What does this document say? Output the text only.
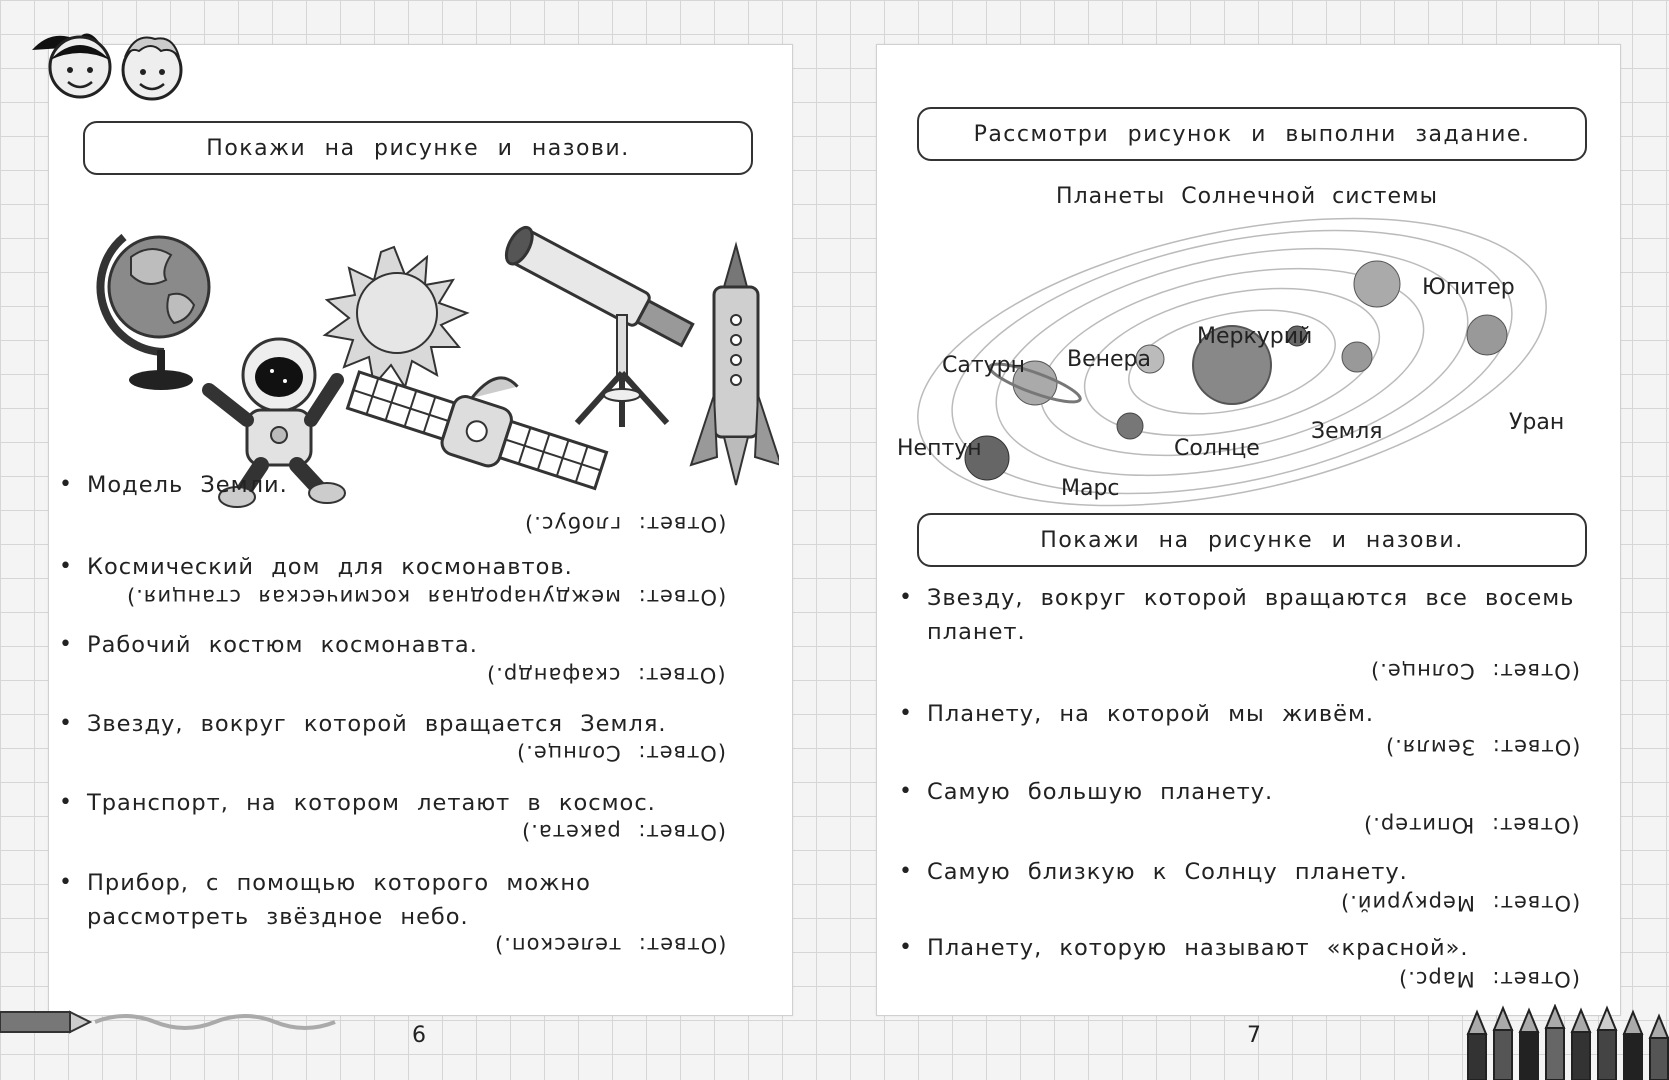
Покажи на рисунке и назови.
• Модель Земли.
(Ответ: глобус.)
• Космический дом для космонавтов.
(Ответ: международная космическая станция.)
• Рабочий костюм космонавта.
(Ответ: скафандр.)
• Звезду, вокруг которой вращается Земля.
(Ответ: Солнце.)
• Транспорт, на котором летают в космос.
(Ответ: ракета.)
• Прибор, с помощью которого можно рассмотреть звёздное небо.
(Ответ: телескоп.)
6
Рассмотри рисунок и выполни задание.
Планеты Солнечной системы
Юпитер
Меркурий
Венера
Сатурн
Уран
Нептун	Солнце
Земля
Марс
Покажи на рисунке и назови.
• Звезду, вокруг которой вращаются все восемь планет.
(Ответ: Солнце.)
• Планету, на которой мы живём.
(Ответ: Земля.)
• Самую большую планету.
(Ответ: Юпитер.)
• Самую близкую к Солнцу планету.
(Ответ: Меркурий.)
• Планету, которую называют «красной».
(Ответ: Марс.)
7
